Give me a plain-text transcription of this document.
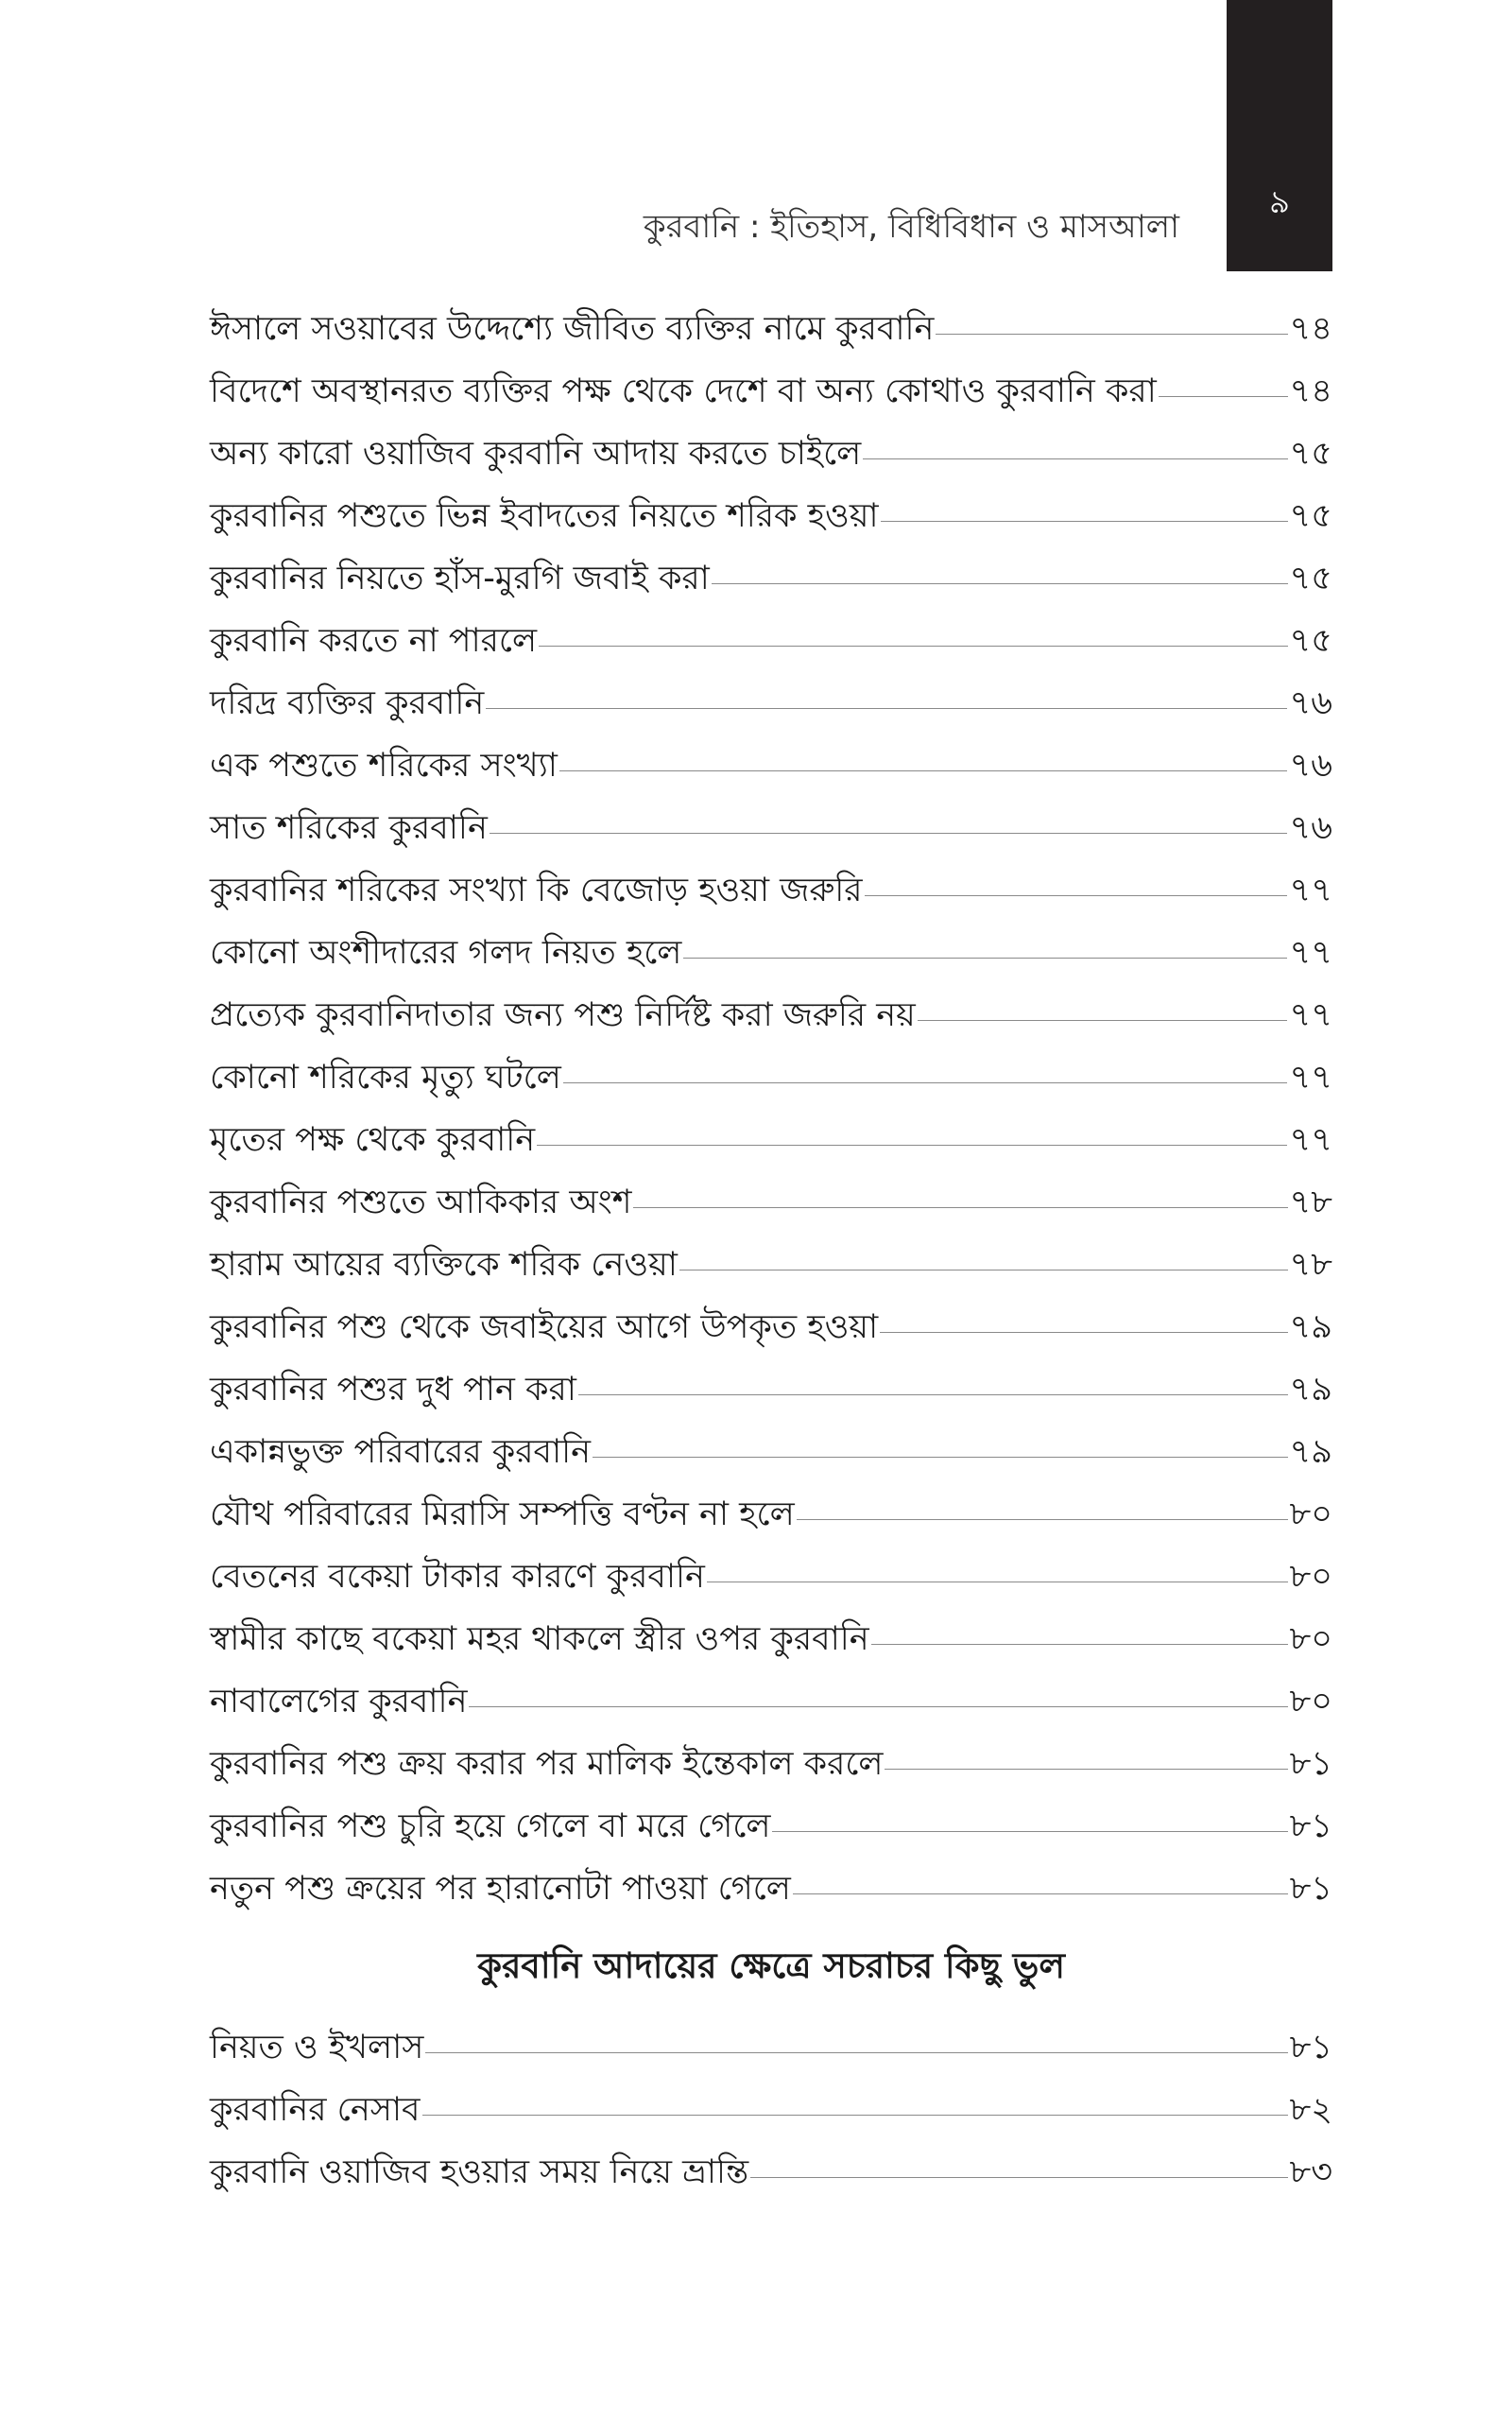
৯
কুরবানি : ইতিহাস, বিধিবিধান ও মাসআলা
ঈসালে সওয়াবের উদ্দেশ্যে জীবিত ব্যক্তির নামে কুরবানি	৭৪
বিদেশে অবস্থানরত ব্যক্তির পক্ষ থেকে দেশে বা অন্য কোথাও কুরবানি করা	৭৪
অন্য কারো ওয়াজিব কুরবানি আদায় করতে চাইলে	৭৫
কুরবানির পশুতে ভিন্ন ইবাদতের নিয়তে শরিক হওয়া	৭৫
কুরবানির নিয়তে হাঁস-মুরগি জবাই করা	৭৫
কুরবানি করতে না পারলে	৭৫
দরিদ্র ব্যক্তির কুরবানি	৭৬
এক পশুতে শরিকের সংখ্যা	৭৬
সাত শরিকের কুরবানি	৭৬
কুরবানির শরিকের সংখ্যা কি বেজোড় হওয়া জরুরি	৭৭
কোনো অংশীদারের গলদ নিয়ত হলে	৭৭
প্রত্যেক কুরবানিদাতার জন্য পশু নির্দিষ্ট করা জরুরি নয়	৭৭
কোনো শরিকের মৃত্যু ঘটলে	৭৭
মৃতের পক্ষ থেকে কুরবানি	৭৭
কুরবানির পশুতে আকিকার অংশ	৭৮
হারাম আয়ের ব্যক্তিকে শরিক নেওয়া	৭৮
কুরবানির পশু থেকে জবাইয়ের আগে উপকৃত হওয়া	৭৯
কুরবানির পশুর দুধ পান করা	৭৯
একান্নভুক্ত পরিবারের কুরবানি	৭৯
যৌথ পরিবারের মিরাসি সম্পত্তি বণ্টন না হলে	৮০
বেতনের বকেয়া টাকার কারণে কুরবানি	৮০
স্বামীর কাছে বকেয়া মহর থাকলে স্ত্রীর ওপর কুরবানি	৮০
নাবালেগের কুরবানি	৮০
কুরবানির পশু ক্রয় করার পর মালিক ইন্তেকাল করলে	৮১
কুরবানির পশু চুরি হয়ে গেলে বা মরে গেলে	৮১
নতুন পশু ক্রয়ের পর হারানোটা পাওয়া গেলে	৮১
কুরবানি আদায়ের ক্ষেত্রে সচরাচর কিছু ভুল
নিয়ত ও ইখলাস	৮১
কুরবানির নেসাব	৮২
কুরবানি ওয়াজিব হওয়ার সময় নিয়ে ভ্রান্তি	৮৩
